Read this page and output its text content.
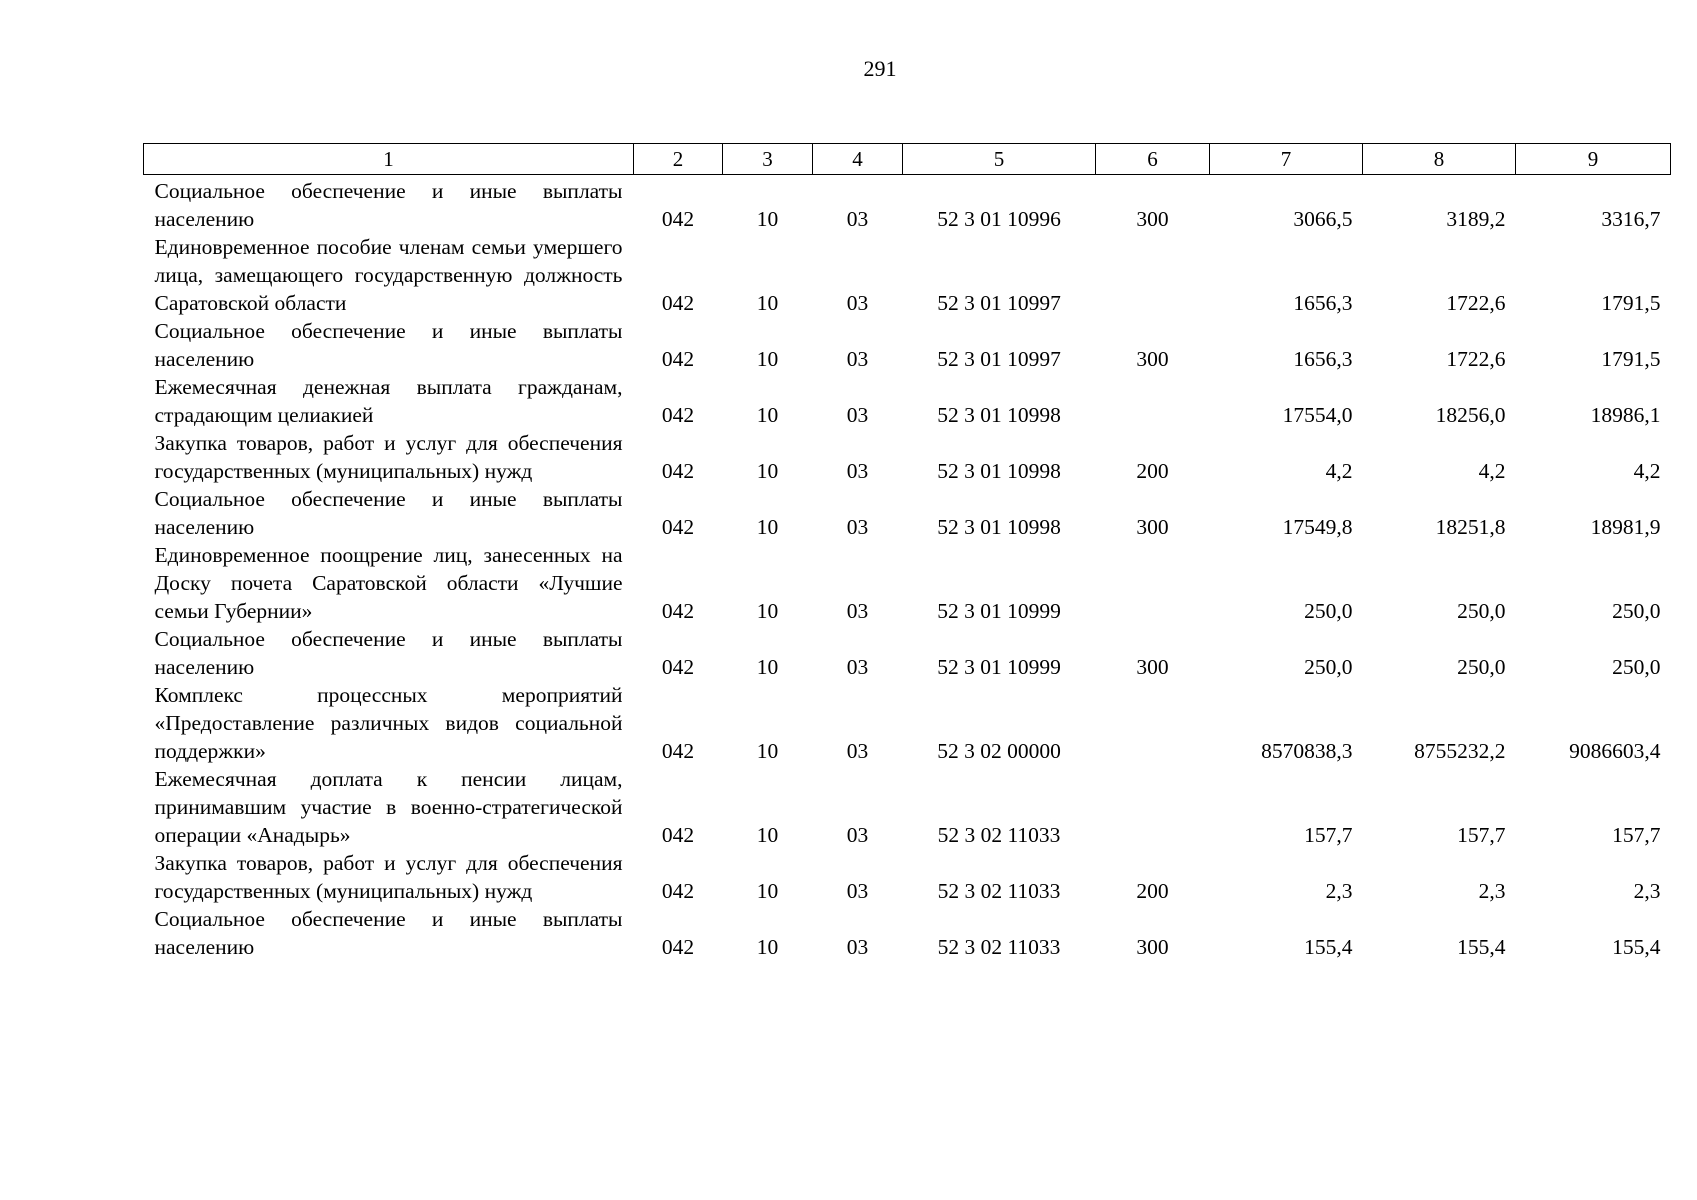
291
1	2	3	4	5	6	7	8	9
Социальное обеспечение и иные выплаты населению	042	10	03	52 3 01 10996	300	3066,5	3189,2	3316,7
Единовременное пособие членам семьи умершего лица, замещающего государственную должность Саратовской области	042	10	03	52 3 01 10997		1656,3	1722,6	1791,5
Социальное обеспечение и иные выплаты населению	042	10	03	52 3 01 10997	300	1656,3	1722,6	1791,5
Ежемесячная денежная выплата гражданам, страдающим целиакией	042	10	03	52 3 01 10998		17554,0	18256,0	18986,1
Закупка товаров, работ и услуг для обеспечения государственных (муниципальных) нужд	042	10	03	52 3 01 10998	200	4,2	4,2	4,2
Социальное обеспечение и иные выплаты населению	042	10	03	52 3 01 10998	300	17549,8	18251,8	18981,9
Единовременное поощрение лиц, занесенных на Доску почета Саратовской области «Лучшие семьи Губернии»	042	10	03	52 3 01 10999		250,0	250,0	250,0
Социальное обеспечение и иные выплаты населению	042	10	03	52 3 01 10999	300	250,0	250,0	250,0
Комплекс процессных мероприятий «Предоставление различных видов социальной поддержки»	042	10	03	52 3 02 00000		8570838,3	8755232,2	9086603,4
Ежемесячная доплата к пенсии лицам, принимавшим участие в военно-стратегической операции «Анадырь»	042	10	03	52 3 02 11033		157,7	157,7	157,7
Закупка товаров, работ и услуг для обеспечения государственных (муниципальных) нужд	042	10	03	52 3 02 11033	200	2,3	2,3	2,3
Социальное обеспечение и иные выплаты населению	042	10	03	52 3 02 11033	300	155,4	155,4	155,4
